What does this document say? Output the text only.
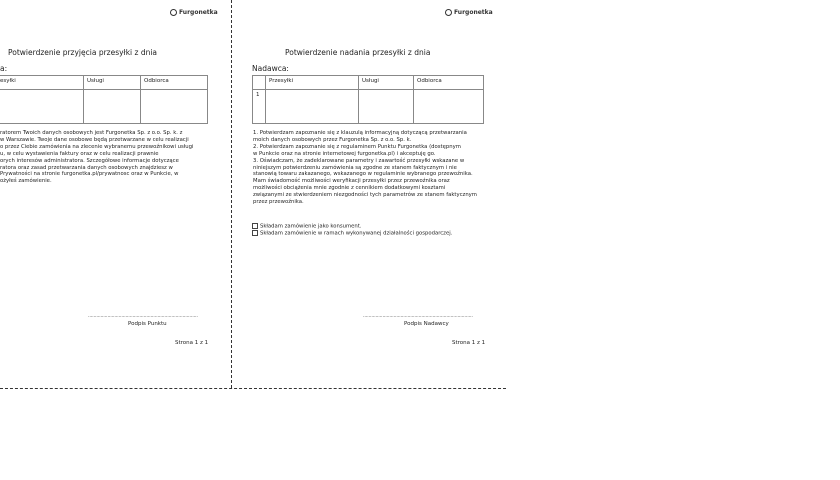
Furgonetka
Potwierdzenie przyjęcia przesyłki z dnia
a:
esyłki	Usługi	Odbiorca

ratorem Twoich danych osobowych jest Furgonetka Sp. z o.o. Sp. k. z
w Warszawie. Twoje dane osobowe będą przetwarzane w celu realizacji
o przez Ciebie zamówienia na zlecenie wybranemu przewoźnikowi usługi
u, w celu wystawienia faktury oraz w celu realizacji prawnie
orych interesów administratora. Szczegółowe informacje dotyczące
ratora oraz zasad przetwarzania danych osobowych znajdziesz w
Prywatności na stronie furgonetka.pl/prywatnosc oraz w Punkcie, w
ożyłeś zamówienie.
...............................................................................
Podpis Punktu
Strona 1 z 1
Furgonetka
Potwierdzenie nadania przesyłki z dnia
Nadawca:
	Przesyłki	Usługi	Odbiorca
1			
1. Potwierdzam zapoznanie się z klauzulą informacyjną dotyczącą przetwarzania
moich danych osobowych przez Furgonetka Sp. z o.o. Sp. k.
2. Potwierdzam zapoznanie się z regulaminem Punktu Furgonetka (dostępnym
w Punkcie oraz na stronie internetowej furgonetka.pl) i akceptuję go.
3. Oświadczam, że zadeklarowane parametry i zawartość przesyłki wskazane w
niniejszym potwierdzeniu zamówienia są zgodne ze stanem faktycznym i nie
stanowią towaru zakazanego, wskazanego w regulaminie wybranego przewoźnika.
Mam świadomość możliwości weryfikacji przesyłki przez przewoźnika oraz
możliwości obciążenia mnie zgodnie z cennikiem dodatkowymi kosztami
związanymi ze stwierdzeniem niezgodności tych parametrów ze stanem faktycznym
przez przewoźnika.
Składam zamówienie jako konsument.
Składam zamówienie w ramach wykonywanej działalności gospodarczej.
...............................................................................
Podpis Nadawcy
Strona 1 z 1
